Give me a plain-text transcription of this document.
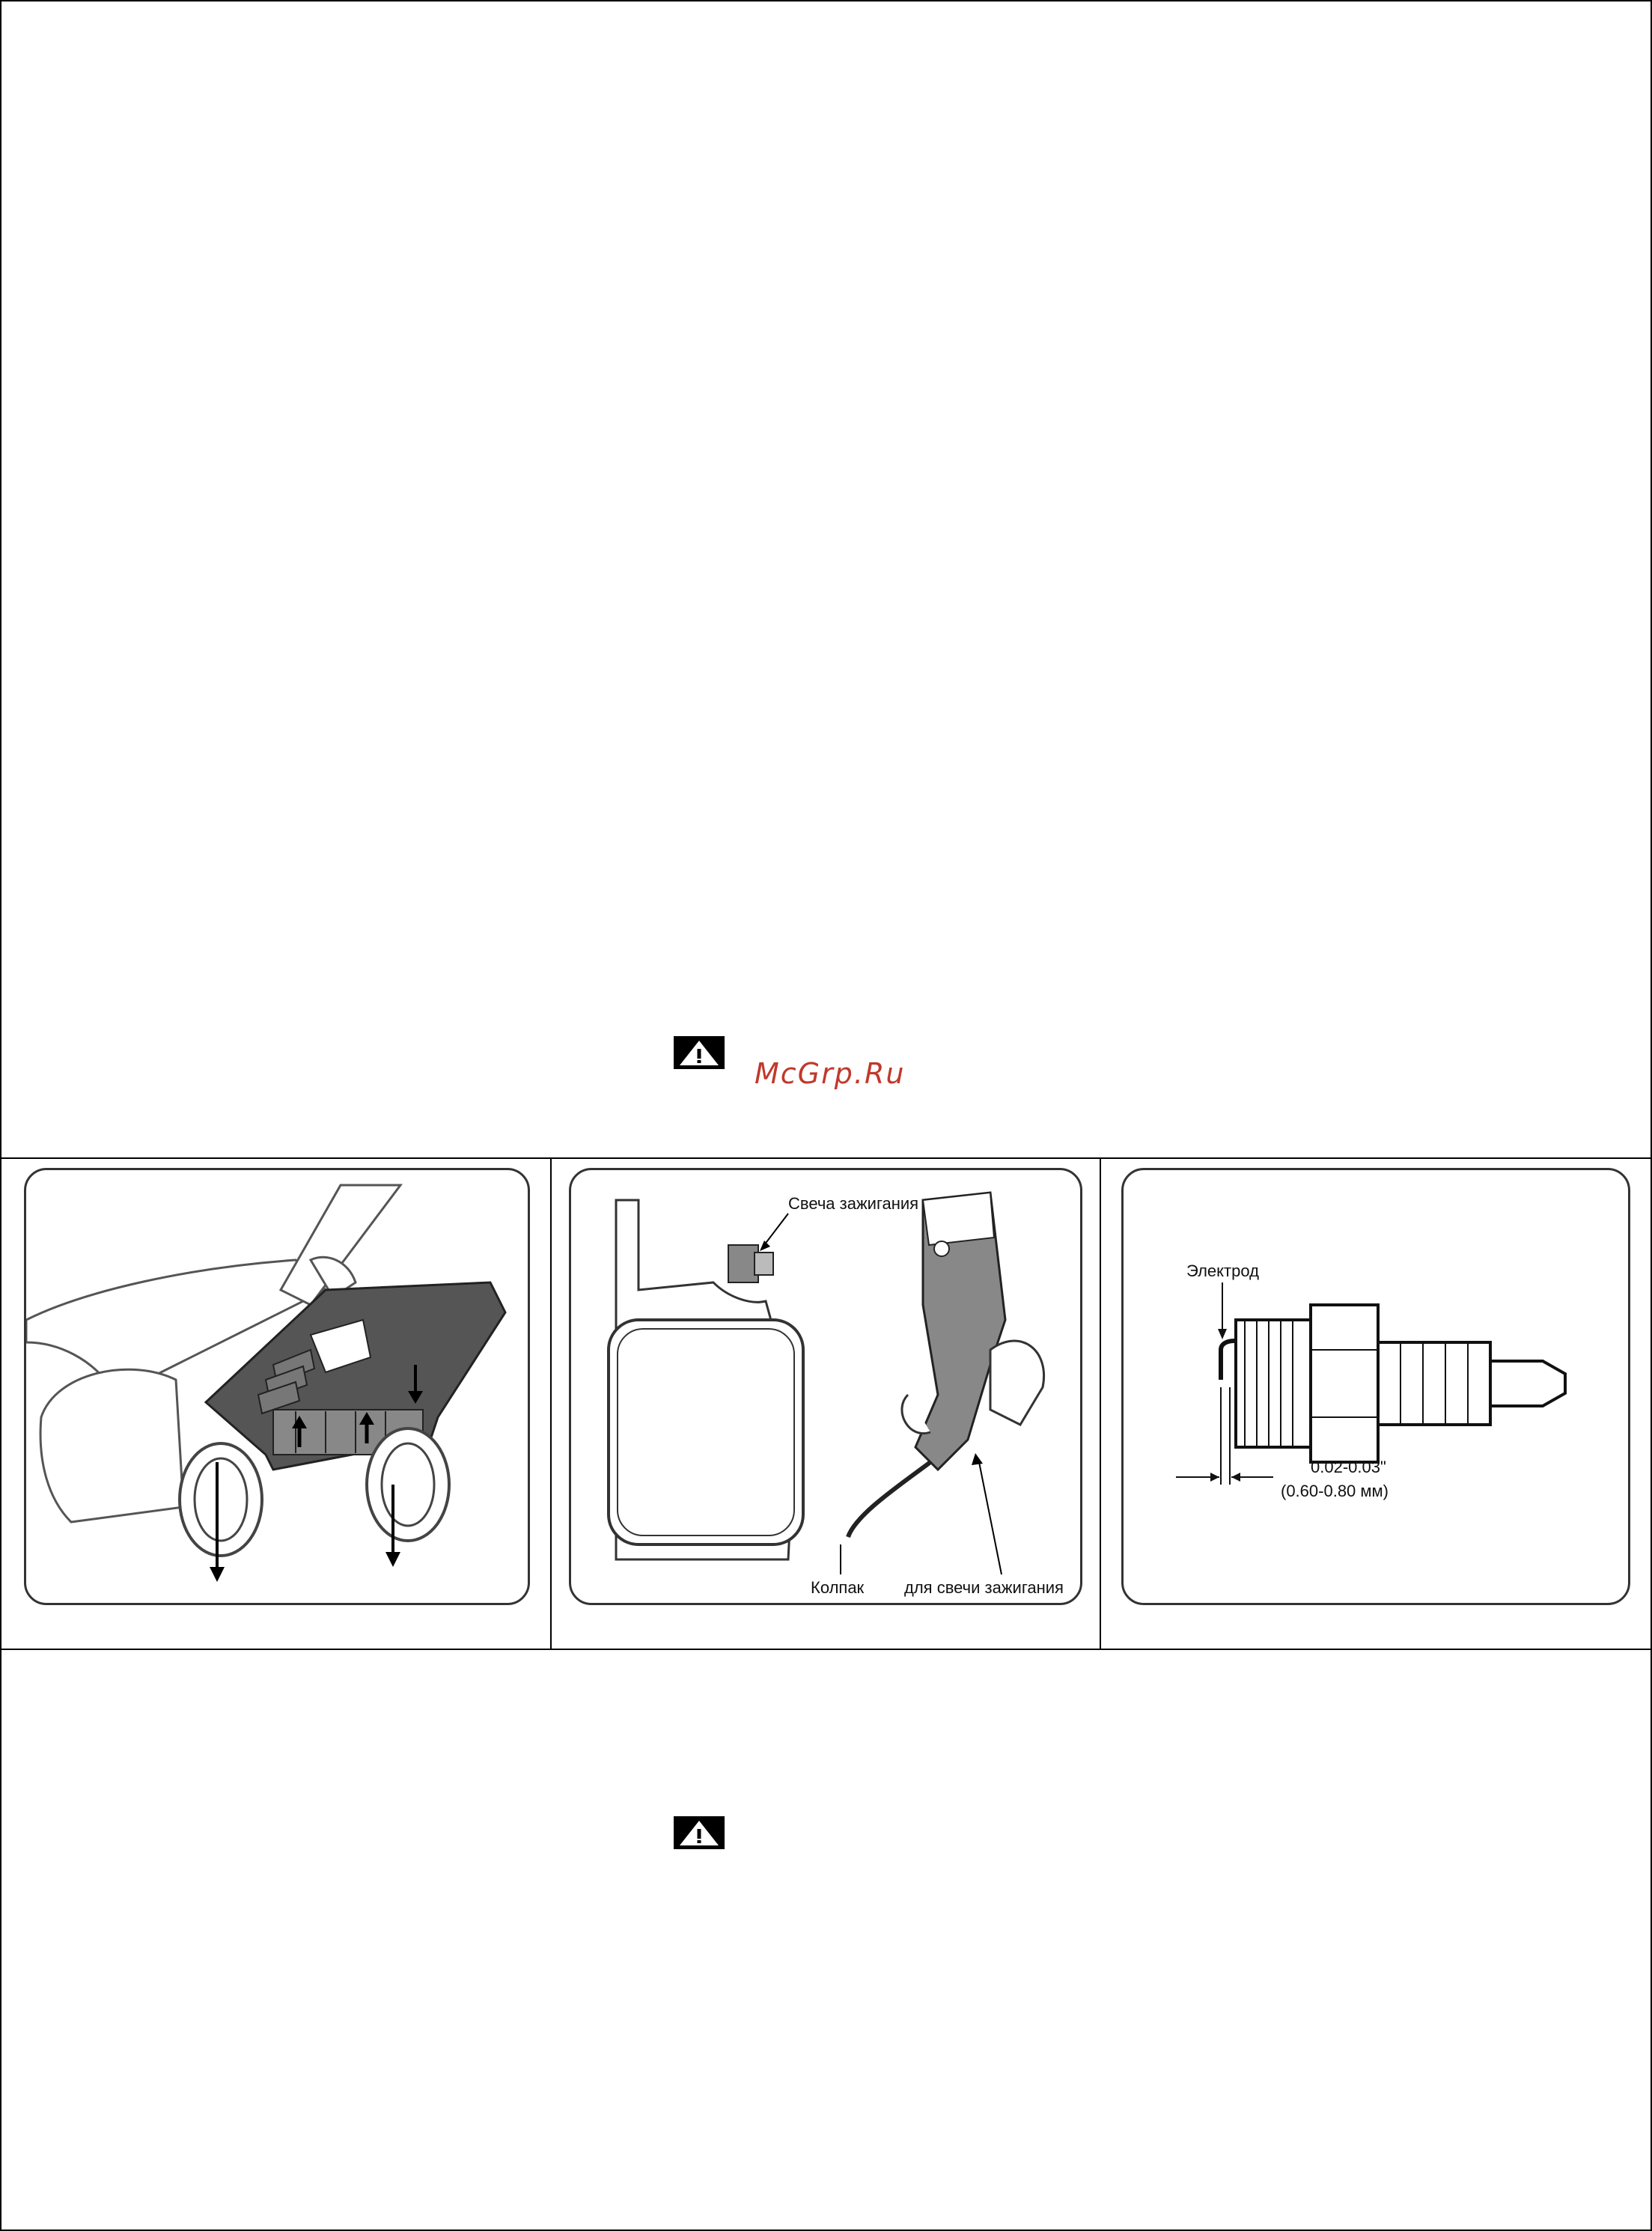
McGrp.Ru
Свеча зажигания
Колпак для свечи зажигания
Электрод
0.02-0.03"
(0.60-0.80 мм)
